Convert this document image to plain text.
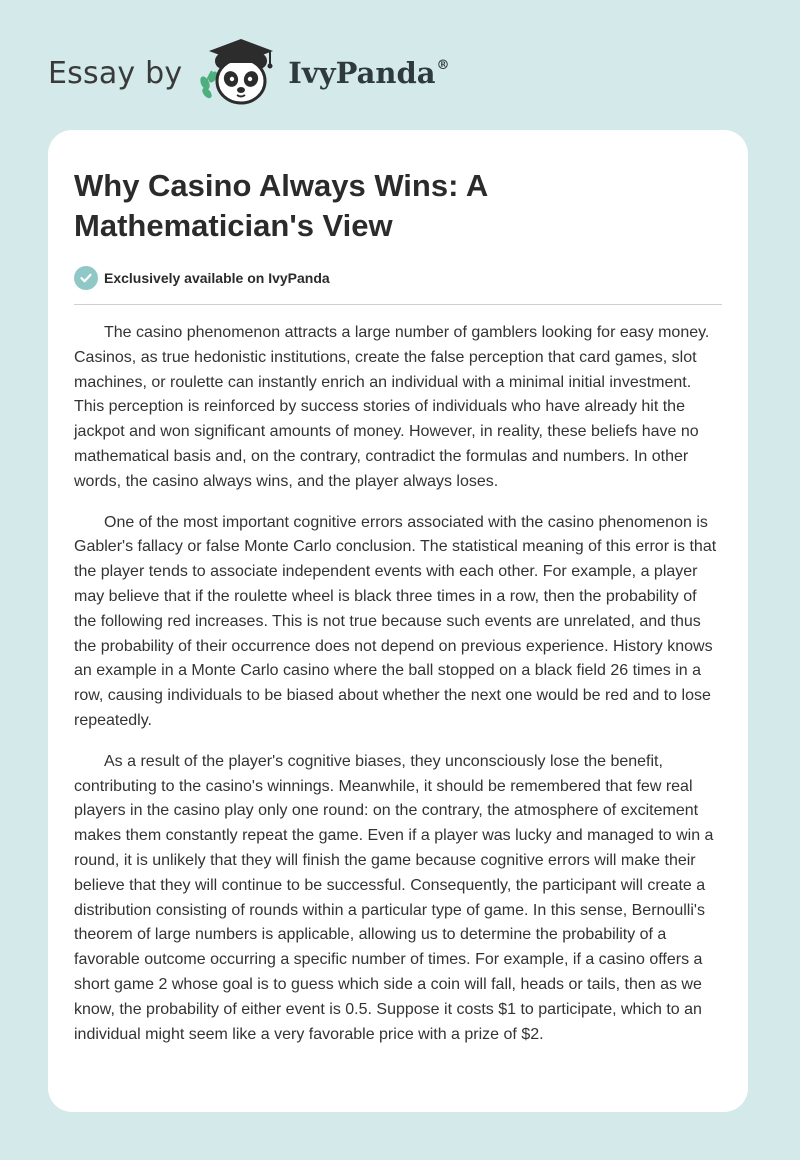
Essay by	IvyPanda®
Why Casino Always Wins: A Mathematician's View
Exclusively available on IvyPanda

The casino phenomenon attracts a large number of gamblers looking for easy money. Casinos, as true hedonistic institutions, create the false perception that card games, slot machines, or roulette can instantly enrich an individual with a minimal initial investment. This perception is reinforced by success stories of individuals who have already hit the jackpot and won significant amounts of money. However, in reality, these beliefs have no mathematical basis and, on the contrary, contradict the formulas and numbers. In other words, the casino always wins, and the player always loses.

One of the most important cognitive errors associated with the casino phenomenon is Gabler's fallacy or false Monte Carlo conclusion. The statistical meaning of this error is that the player tends to associate independent events with each other. For example, a player may believe that if the roulette wheel is black three times in a row, then the probability of the following red increases. This is not true because such events are unrelated, and thus the probability of their occurrence does not depend on previous experience. History knows an example in a Monte Carlo casino where the ball stopped on a black field 26 times in a row, causing individuals to be biased about whether the next one would be red and to lose repeatedly.

As a result of the player's cognitive biases, they unconsciously lose the benefit, contributing to the casino's winnings. Meanwhile, it should be remembered that few real players in the casino play only one round: on the contrary, the atmosphere of excitement makes them constantly repeat the game. Even if a player was lucky and managed to win a round, it is unlikely that they will finish the game because cognitive errors will make their believe that they will continue to be successful. Consequently, the participant will create a distribution consisting of rounds within a particular type of game. In this sense, Bernoulli's theorem of large numbers is applicable, allowing us to determine the probability of a favorable outcome occurring a specific number of times. For example, if a casino offers a short game 2 whose goal is to guess which side a coin will fall, heads or tails, then as we know, the probability of either event is 0.5. Suppose it costs $1 to participate, which to an individual might seem like a very favorable price with a prize of $2.
